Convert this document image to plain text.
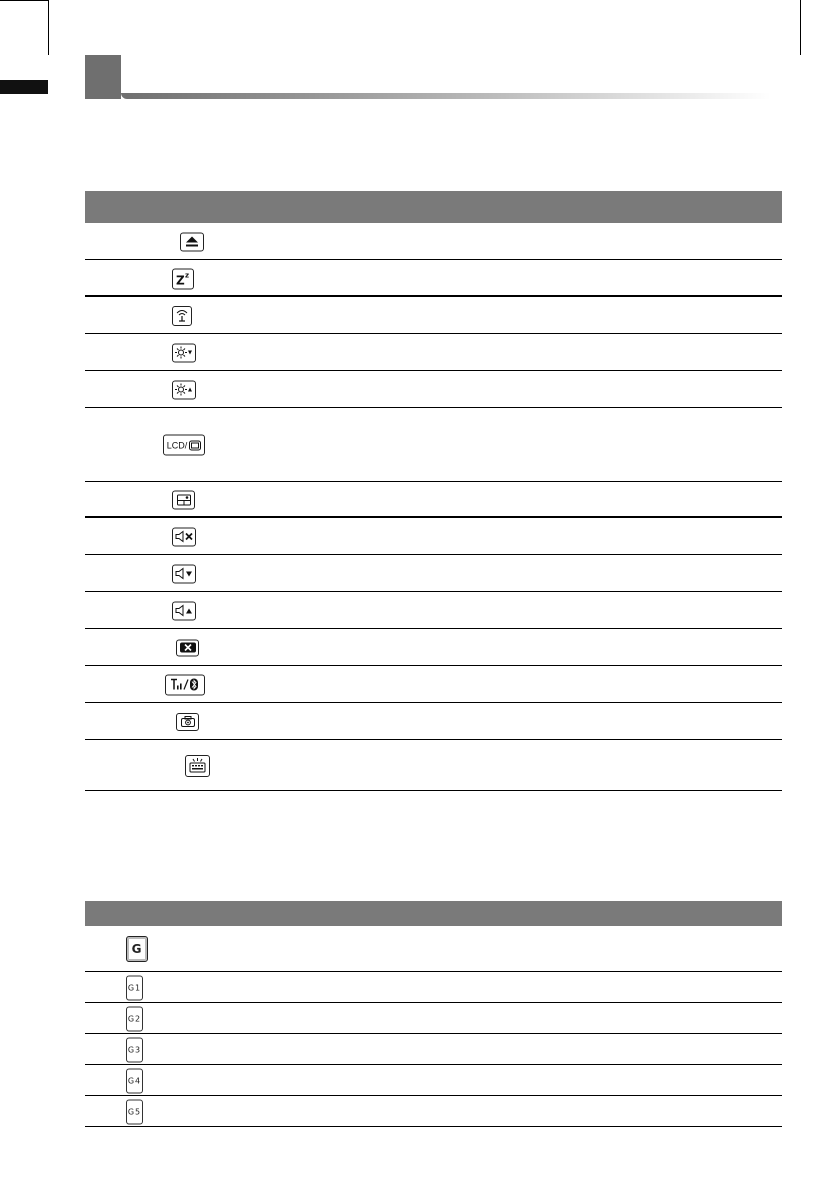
Z z
LCD/
G
G1
G2
G3
G4
G5
